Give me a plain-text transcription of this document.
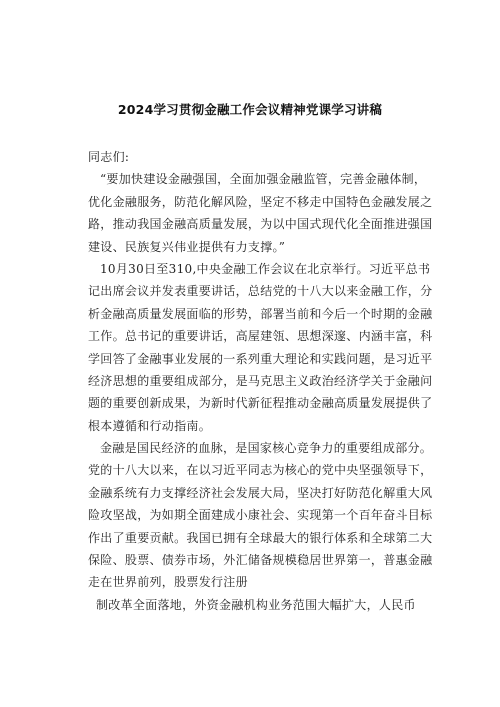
2024学习贯彻金融工作会议精神党课学习讲稿
同志们:
“要加快建设金融强国，全面加强金融监管，完善金融体制，
优化金融服务，防范化解风险，坚定不移走中国特色金融发展之
路，推动我国金融高质量发展，为以中国式现代化全面推进强国
建设、民族复兴伟业提供有力支撑。”
10月30日至310,中央金融工作会议在北京举行。习近平总书
记出席会议并发表重要讲话，总结党的十八大以来金融工作，分
析金融高质量发展面临的形势，部署当前和今后一个时期的金融
工作。总书记的重要讲话，高屋建瓴、思想深邃、内涵丰富，科
学回答了金融事业发展的一系列重大理论和实践问题，是习近平
经济思想的重要组成部分，是马克思主义政治经济学关于金融问
题的重要创新成果，为新时代新征程推动金融高质量发展提供了
根本遵循和行动指南。
金融是国民经济的血脉，是国家核心竞争力的重要组成部分。
党的十八大以来，在以习近平同志为核心的党中央坚强领导下，
金融系统有力支撑经济社会发展大局，坚决打好防范化解重大风
险攻坚战，为如期全面建成小康社会、实现第一个百年奋斗目标
作出了重要贡献。我国已拥有全球最大的银行体系和全球第二大
保险、股票、债券市场，外汇储备规模稳居世界第一，普惠金融
走在世界前列，股票发行注册
制改革全面落地，外资金融机构业务范围大幅扩大，人民币
